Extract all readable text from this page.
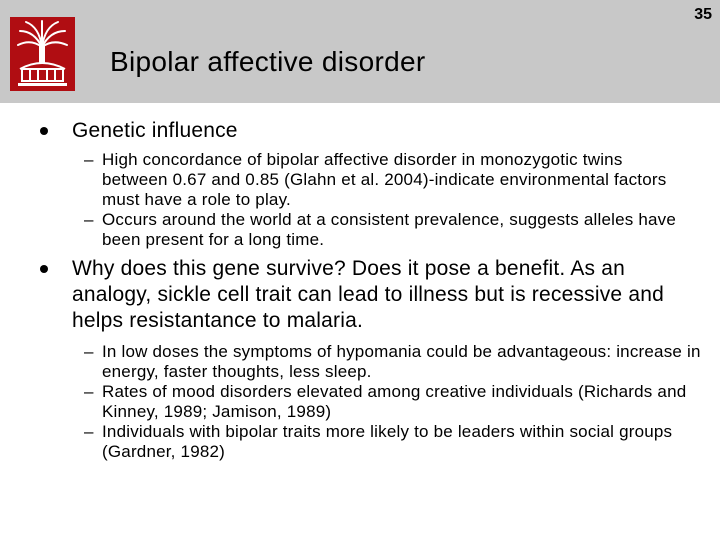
35
Bipolar affective disorder
Genetic influence
– High concordance of bipolar affective disorder in monozygotic twins between 0.67 and 0.85 (Glahn et al. 2004)-indicate environmental factors must have a role to play.
– Occurs around the world at a consistent prevalence, suggests alleles have been present for a long time.
Why does this gene survive? Does it pose a benefit. As an analogy, sickle cell trait can lead to illness but is recessive and helps resistantance to malaria.
– In low doses the symptoms of hypomania could be advantageous: increase in energy, faster thoughts, less sleep.
– Rates of mood disorders elevated among creative individuals (Richards and Kinney, 1989; Jamison, 1989)
– Individuals with bipolar traits more likely to be leaders within social groups (Gardner, 1982)
